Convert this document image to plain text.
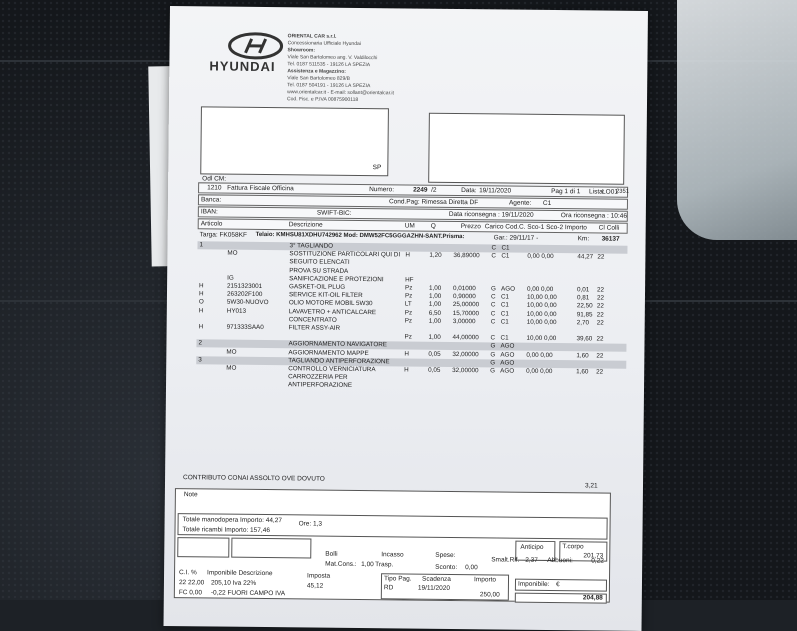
HYUNDAI
ORIENTAL CAR s.r.l.
Concessionaria Ufficiale Hyundai
Showroom:
Viale San Bartolomeo ang. V. Valdilocchi
Tel. 0187 511535 - 19126 LA SPEZIA
Assistenza e Magazzino:
Viale San Bartolomeo 829/B
Tel. 0187 504191 - 19126 LA SPEZIA
www.orientalcar.it - E-mail: sollant@orientalcar.it
Cod. Fisc. e P.IVA 00875900118
SP
Odl CM:
1210 Fattura Fiscale Officina	Numero:	2249 /2	Data: 19/11/2020	Pag 1 di 1 Lista:
LO01
2351
Banca:	Cond.Pag: Rimessa Diretta DF	Agente: C1
IBAN:	SWIFT-BIC:	Data riconsegna : 19/11/2020	Ora riconsegna : 10:46
Articolo	Descrizione	UM Q	Prezzo Carico Cod.C. Sco-1 Sco-2 Importo Cl Colli
Targa: FK058KF Telaio: KMHSU81XDHU742962 Mod: DMW52FC5GGGAZHN-SANT.Prisma:	Gar.: 29/11/17 -	Km: 36137
1	3° TAGLIANDO	C C1
MO	SOSTITUZIONE PARTICOLARI QUI DI H	1,20 36,89000 C C1	0,00 0,00	44,27 22
SEGUITO ELENCATI
PROVA SU STRADA
IG	SANIFICAZIONE E PROTEZIONI	HF
H	2151323001	GASKET-OIL PLUG	Pz	1,00 0,01000 G AGO 0,00 0,00	0,01 22
H	263202F100	SERVICE KIT-OIL FILTER	Pz	1,00 0,90000 C C1	10,00 0,00	0,81 22
O	5W30-NUOVO	OLIO MOTORE MOBIL 5W30	LT	1,00 25,00000 C C1	10,00 0,00	22,50 22
H	HY013	LAVAVETRO + ANTICALCARE	Pz	6,50 15,70000 C C1	10,00 0,00	91,85 22
CONCENTRATO	Pz	1,00 3,00000 C C1	10,00 0,00	2,70 22
H	971333SAA0	FILTER ASSY-AIR
Pz	1,00 44,00000 C C1	10,00 0,00	39,60 22
2	AGGIORNAMENTO NAVIGATORE	G AGO
MO	AGGIORNAMENTO MAPPE	H	0,05 32,00000 G AGO 0,00 0,00	1,60 22
3	TAGLIANDO ANTIPERFORAZIONE	G AGO
MO	CONTROLLO VERNICIATURA	H	0,05 32,00000 G AGO 0,00 0,00	1,60 22
CARROZZERIA PER
ANTIPERFORAZIONE
CONTRIBUTO CONAI ASSOLTO OVE DOVUTO
3,21
Note
Totale manodopera Importo: 44,27	Ore: 1,3
Totale ricambi Importo: 157,46
Anticipo	T.corpo
201,73
Bolli	Incasso	Spese:
Smalt.Rif. 2,37 Abbuoni:	0,22
Mat.Cons.: 1,00 Trasp.	Sconto: 0,00
C.I. % Imponibile Descrizione	Imposta
22 22,00 205,10 Iva 22%	45,12
FC 0,00 -0,22 FUORI CAMPO IVA
Tipo Pag. Scadenza	Importo
RD	19/11/2020
250,00
Imponibile: €
204,88
